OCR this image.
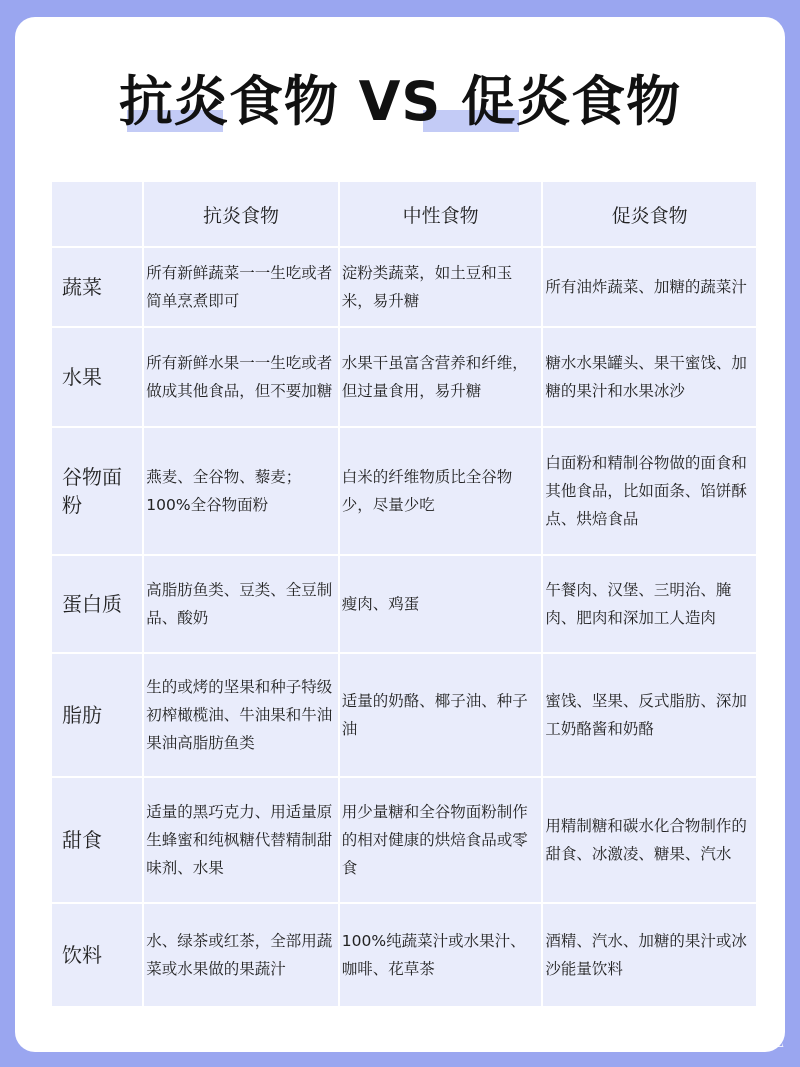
抗炎食物 VS 促炎食物
	抗炎食物	中性食物	促炎食物
蔬菜	所有新鲜蔬菜一一生吃或者简单烹煮即可	淀粉类蔬菜，如土豆和玉米，易升糖	所有油炸蔬菜、加糖的蔬菜汁
水果	所有新鲜水果一一生吃或者做成其他食品，但不要加糖	水果干虽富含营养和纤维，但过量食用，易升糖	糖水水果罐头、果干蜜饯、加糖的果汁和水果冰沙
谷物面粉	燕麦、全谷物、藜麦；100%全谷物面粉	白米的纤维物质比全谷物少，尽量少吃	白面粉和精制谷物做的面食和其他食品，比如面条、馅饼酥点、烘焙食品
蛋白质	高脂肪鱼类、豆类、全豆制品、酸奶	瘦肉、鸡蛋	午餐肉、汉堡、三明治、腌肉、肥肉和深加工人造肉
脂肪	生的或烤的坚果和种子特级初榨橄榄油、牛油果和牛油果油高脂肪鱼类	适量的奶酪、椰子油、种子油	蜜饯、坚果、反式脂肪、深加工奶酪酱和奶酪
甜食	适量的黑巧克力、用适量原生蜂蜜和纯枫糖代替精制甜味剂、水果	用少量糖和全谷物面粉制作的相对健康的烘焙食品或零食	用精制糖和碳水化合物制作的甜食、冰激凌、糖果、汽水
饮料	水、绿茶或红茶，全部用蔬菜或水果做的果蔬汁	100%纯蔬菜汁或水果汁、咖啡、花草茶	酒精、汽水、加糖的果汁或冰沙能量饮料
@大蒙生活日记
